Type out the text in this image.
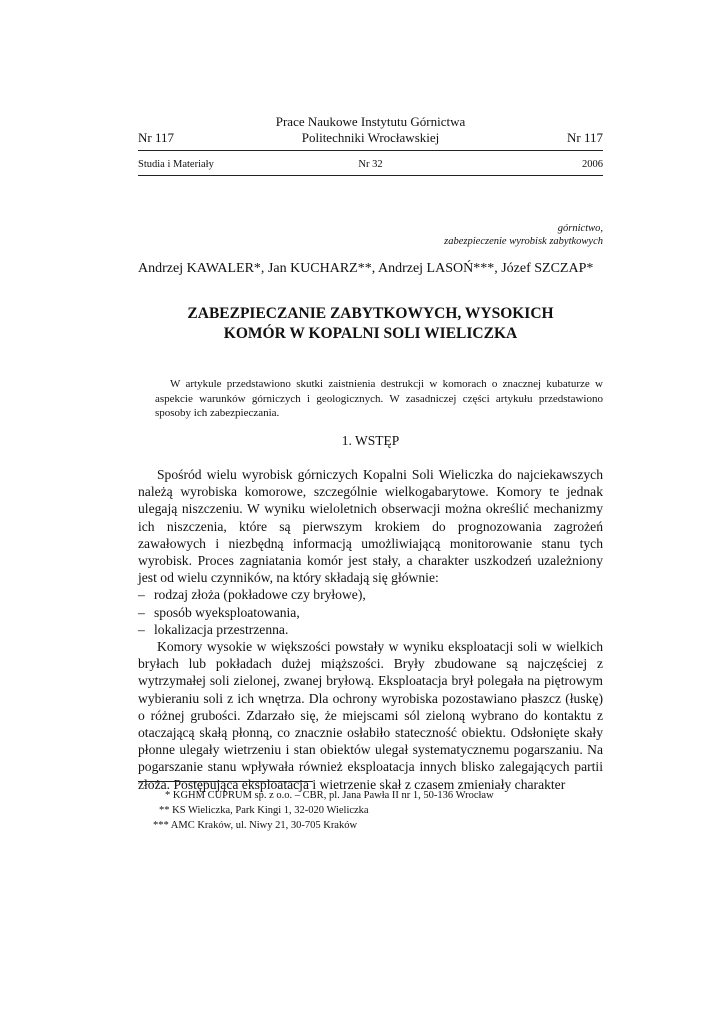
Prace Naukowe Instytutu Górnictwa
Nr 117	Politechniki Wrocławskiej	Nr 117
Studia i Materiały	Nr 32	2006
górnictwo,
zabezpieczenie wyrobisk zabytkowych
Andrzej KAWALER*, Jan KUCHARZ**, Andrzej LASOŃ***, Józef SZCZAP*
ZABEZPIECZANIE ZABYTKOWYCH, WYSOKICH
KOMÓR W KOPALNI SOLI WIELICZKA

W artykule przedstawiono skutki zaistnienia destrukcji w komorach o znacznej kubaturze w aspekcie warunków górniczych i geologicznych. W zasadniczej części artykułu przedstawiono sposoby ich zabezpieczania.

1. WSTĘP

Spośród wielu wyrobisk górniczych Kopalni Soli Wieliczka do najciekawszych należą wyrobiska komorowe, szczególnie wielkogabarytowe. Komory te jednak ulegają niszczeniu. W wyniku wieloletnich obserwacji można określić mechanizmy ich niszczenia, które są pierwszym krokiem do prognozowania zagrożeń zawałowych i niezbędną informacją umożliwiającą monitorowanie stanu tych wyrobisk. Proces zagniatania komór jest stały, a charakter uszkodzeń uzależniony jest od wielu czynników, na który składają się głównie:

– rodzaj złoża (pokładowe czy bryłowe),
– sposób wyeksploatowania,
– lokalizacja przestrzenna.

Komory wysokie w większości powstały w wyniku eksploatacji soli w wielkich bryłach lub pokładach dużej miąższości. Bryły zbudowane są najczęściej z wytrzymałej soli zielonej, zwanej bryłową. Eksploatacja brył polegała na piętrowym wybieraniu soli z ich wnętrza. Dla ochrony wyrobiska pozostawiano płaszcz (łuskę) o różnej grubości. Zdarzało się, że miejscami sól zieloną wybrano do kontaktu z otaczającą skałą płonną, co znacznie osłabiło stateczność obiektu. Odsłonięte skały płonne ulegały wietrzeniu i stan obiektów ulegał systematycznemu pogarszaniu. Na pogarszanie stanu wpływała również eksploatacja innych blisko zalegających partii złoża. Postępująca eksploatacja i wietrzenie skał z czasem zmieniały charakter

* KGHM CUPRUM sp. z o.o. – CBR, pl. Jana Pawła II nr 1, 50-136 Wrocław
** KS Wieliczka, Park Kingi 1, 32-020 Wieliczka
*** AMC Kraków, ul. Niwy 21, 30-705 Kraków
